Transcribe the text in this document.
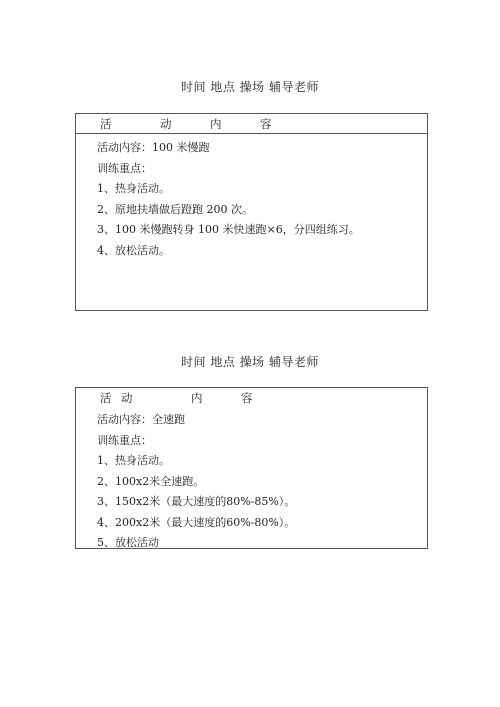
时间 地点 操场 辅导老师
活	动	内	容
活动内容：100 米慢跑
训练重点：
1、热身活动。
2、原地扶墙做后蹬跑 200 次。
3、100 米慢跑转身 100 米快速跑×6，分四组练习。
4、放松活动。
时间 地点 操场 辅导老师
活 动	内	容
活动内容：全速跑
训练重点：
1、热身活动。
2、100x2米全速跑。
3、150x2米（最大速度的80%-85%）。
4、200x2米（最大速度的60%-80%）。
5、放松活动
